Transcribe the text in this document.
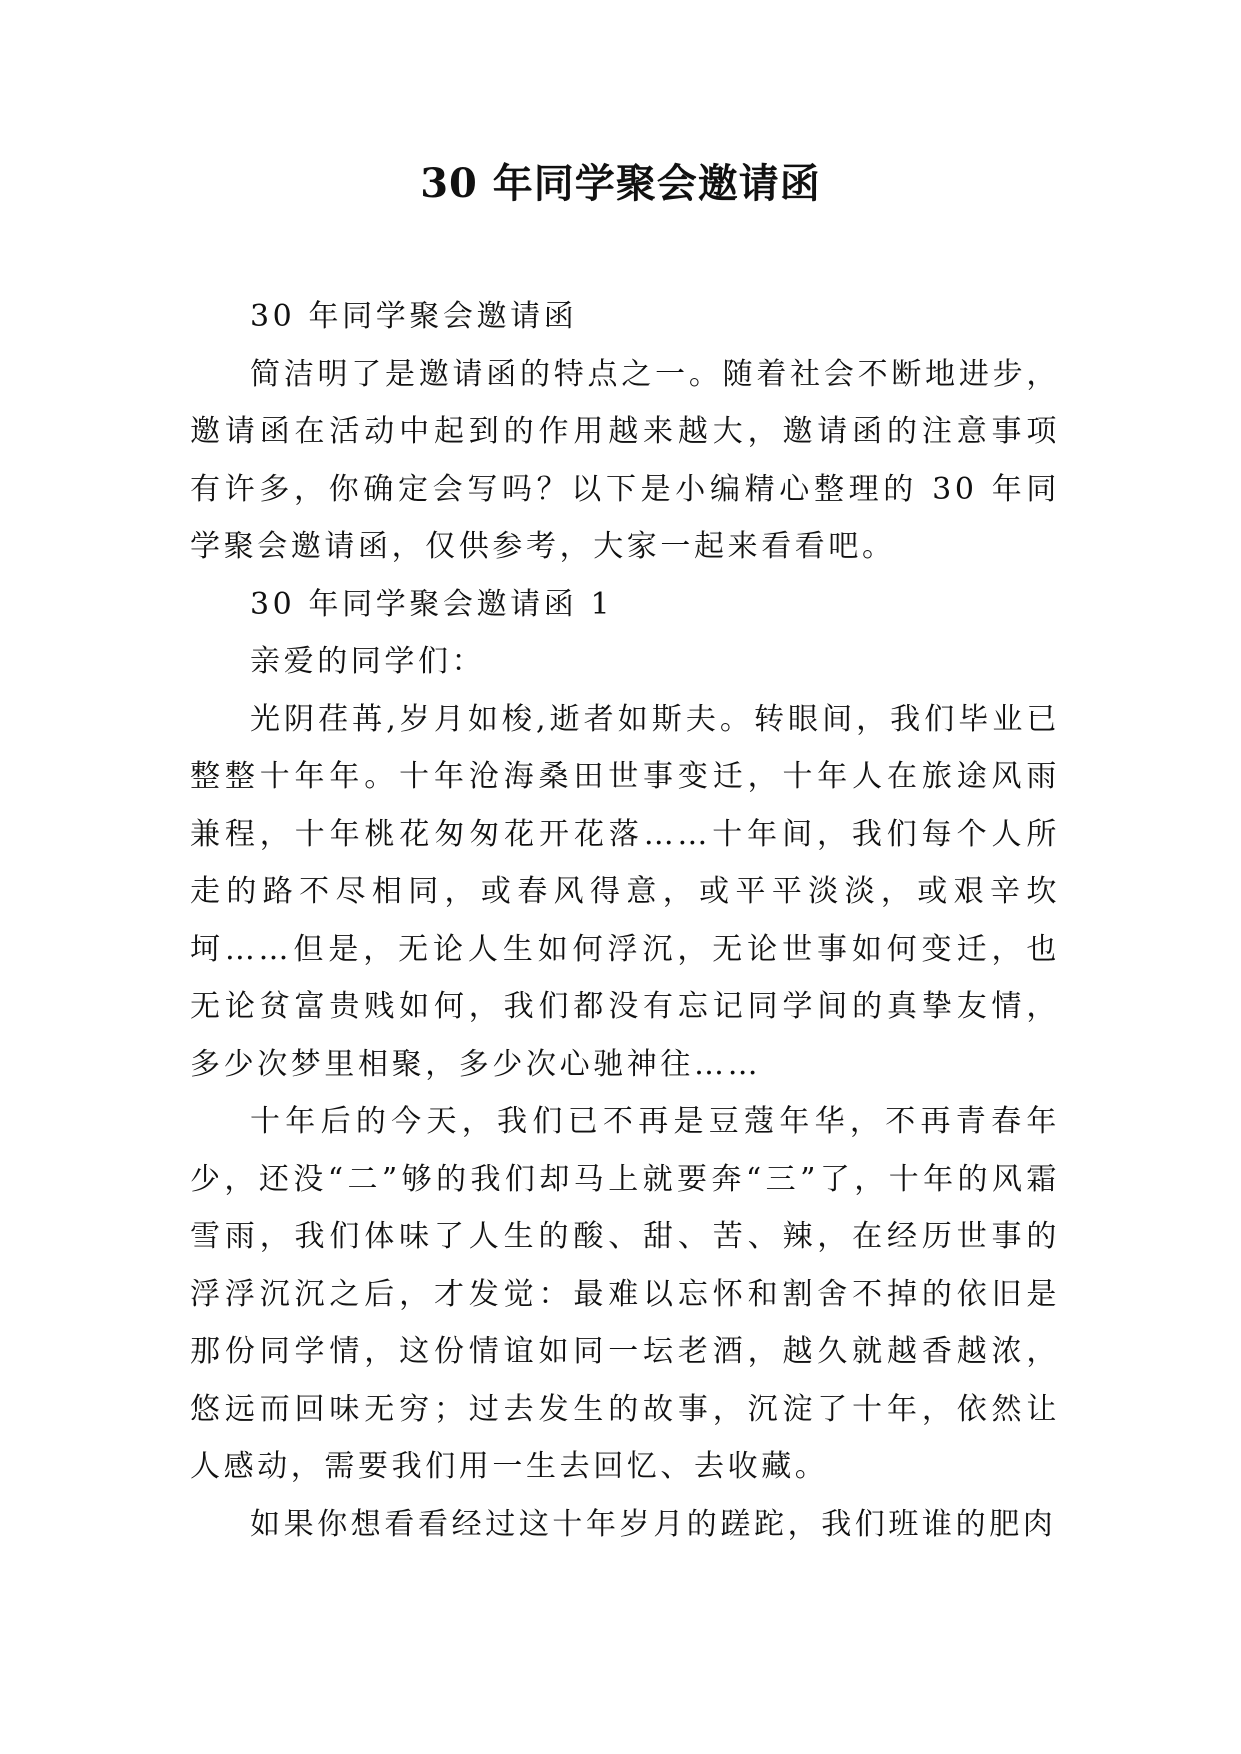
30 年同学聚会邀请函

30 年同学聚会邀请函

简洁明了是邀请函的特点之一。随着社会不断地进步，邀请函在活动中起到的作用越来越大，邀请函的注意事项有许多，你确定会写吗？以下是小编精心整理的 30 年同学聚会邀请函，仅供参考，大家一起来看看吧。

30 年同学聚会邀请函 1

亲爱的同学们：

光阴荏苒,岁月如梭,逝者如斯夫。转眼间，我们毕业已整整十年年。十年沧海桑田世事变迁，十年人在旅途风雨兼程，十年桃花匆匆花开花落……十年间，我们每个人所走的路不尽相同，或春风得意，或平平淡淡，或艰辛坎坷……但是，无论人生如何浮沉，无论世事如何变迁，也无论贫富贵贱如何，我们都没有忘记同学间的真挚友情，多少次梦里相聚，多少次心驰神往……

十年后的今天，我们已不再是豆蔻年华，不再青春年少，还没“二”够的我们却马上就要奔“三”了，十年的风霜雪雨，我们体味了人生的酸、甜、苦、辣，在经历世事的浮浮沉沉之后，才发觉：最难以忘怀和割舍不掉的依旧是那份同学情，这份情谊如同一坛老酒，越久就越香越浓，悠远而回味无穷；过去发生的故事，沉淀了十年，依然让人感动，需要我们用一生去回忆、去收藏。

如果你想看看经过这十年岁月的蹉跎，我们班谁的肥肉
